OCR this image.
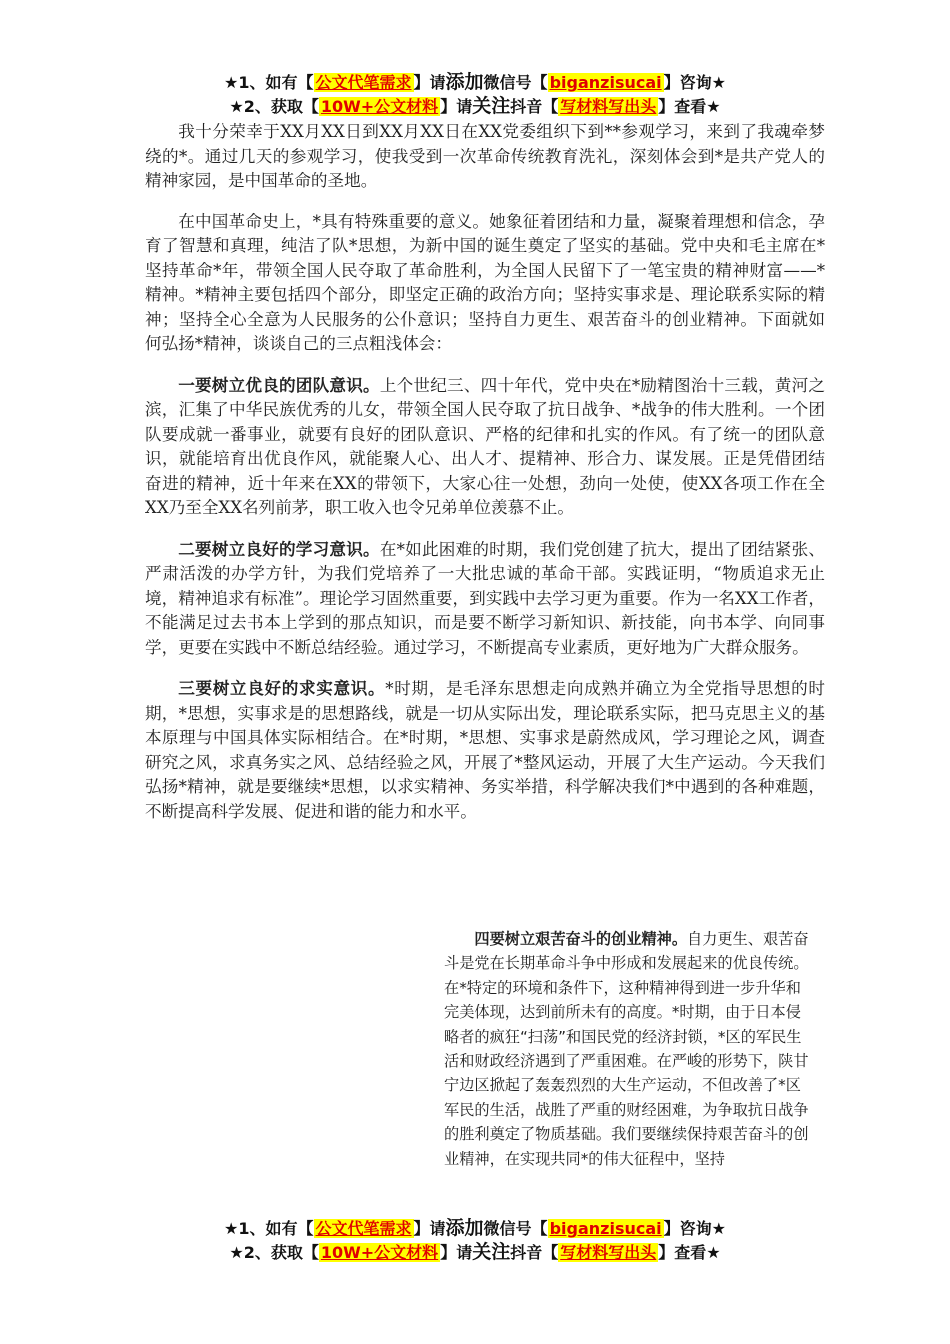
★1、如有【 公文代笔需求 】请添加微信号【 biganzisucai 】咨询★
★2、获取【 10W+公文材料 】请关注抖音【 写材料写出头 】查看★

我十分荣幸于XX月XX日到XX月XX日在XX党委组织下到**参观学习，来到了我魂牵梦绕的*。通过几天的参观学习，使我受到一次革命传统教育洗礼，深刻体会到*是共产党人的精神家园，是中国革命的圣地。

在中国革命史上，*具有特殊重要的意义。她象征着团结和力量，凝聚着理想和信念，孕育了智慧和真理，纯洁了队*思想，为新中国的诞生奠定了坚实的基础。党中央和毛主席在*坚持革命*年，带领全国人民夺取了革命胜利，为全国人民留下了一笔宝贵的精神财富——*精神。*精神主要包括四个部分，即坚定正确的政治方向；坚持实事求是、理论联系实际的精神；坚持全心全意为人民服务的公仆意识；坚持自力更生、艰苦奋斗的创业精神。下面就如何弘扬*精神，谈谈自己的三点粗浅体会：

一要树立优良的团队意识。上个世纪三、四十年代，党中央在*励精图治十三载，黄河之滨，汇集了中华民族优秀的儿女，带领全国人民夺取了抗日战争、*战争的伟大胜利。一个团队要成就一番事业，就要有良好的团队意识、严格的纪律和扎实的作风。有了统一的团队意识，就能培育出优良作风，就能聚人心、出人才、提精神、形合力、谋发展。正是凭借团结奋进的精神，近十年来在XX的带领下，大家心往一处想，劲向一处使，使XX各项工作在全XX乃至全XX名列前茅，职工收入也令兄弟单位羡慕不止。

二要树立良好的学习意识。在*如此困难的时期，我们党创建了抗大，提出了团结紧张、严肃活泼的办学方针，为我们党培养了一大批忠诚的革命干部。实践证明，“物质追求无止境，精神追求有标准”。理论学习固然重要，到实践中去学习更为重要。作为一名XX工作者，不能满足过去书本上学到的那点知识，而是要不断学习新知识、新技能，向书本学、向同事学，更要在实践中不断总结经验。通过学习，不断提高专业素质，更好地为广大群众服务。

三要树立良好的求实意识。*时期，是毛泽东思想走向成熟并确立为全党指导思想的时期，*思想，实事求是的思想路线，就是一切从实际出发，理论联系实际，把马克思主义的基本原理与中国具体实际相结合。在*时期，*思想、实事求是蔚然成风，学习理论之风，调查研究之风，求真务实之风、总结经验之风，开展了*整风运动，开展了大生产运动。今天我们弘扬*精神，就是要继续*思想，以求实精神、务实举措，科学解决我们*中遇到的各种难题，不断提高科学发展、促进和谐的能力和水平。

四要树立艰苦奋斗的创业精神。自力更生、艰苦奋斗是党在长期革命斗争中形成和发展起来的优良传统。在*特定的环境和条件下，这种精神得到进一步升华和完美体现，达到前所未有的高度。*时期，由于日本侵略者的疯狂“扫荡”和国民党的经济封锁，*区的军民生活和财政经济遇到了严重困难。在严峻的形势下，陕甘宁边区掀起了轰轰烈烈的大生产运动，不但改善了*区军民的生活，战胜了严重的财经困难，为争取抗日战争的胜利奠定了物质基础。我们要继续保持艰苦奋斗的创业精神，在实现共同*的伟大征程中，坚持

★1、如有【 公文代笔需求 】请添加微信号【 biganzisucai 】咨询★
★2、获取【 10W+公文材料 】请关注抖音【 写材料写出头 】查看★
